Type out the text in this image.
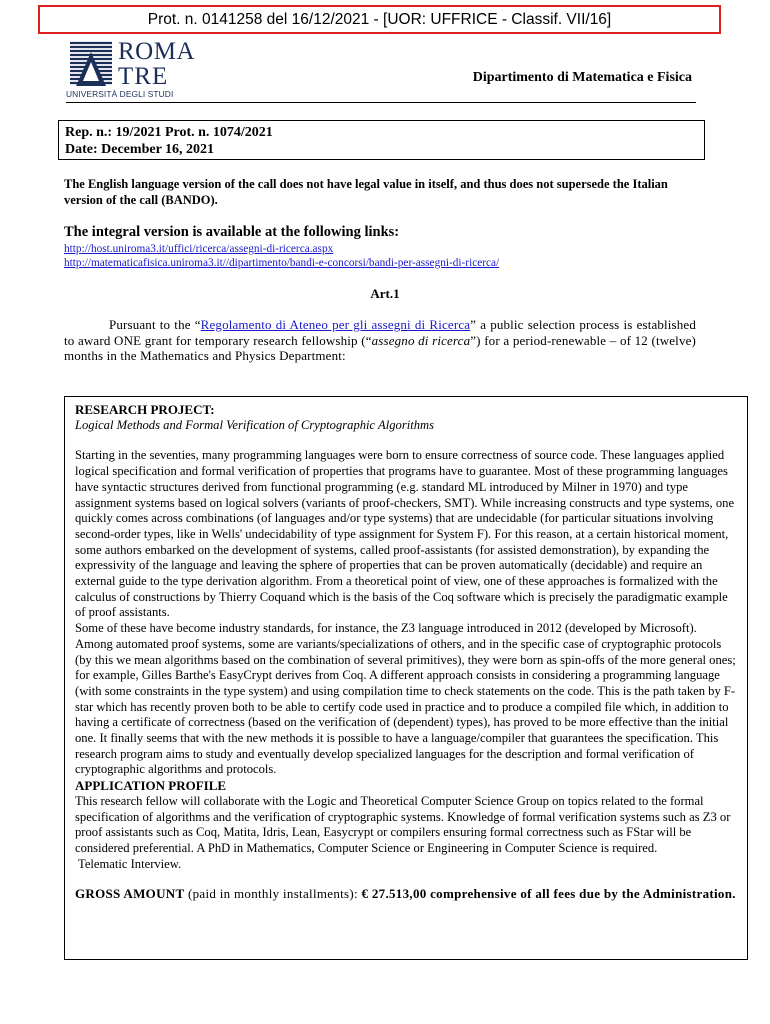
Prot. n. 0141258 del 16/12/2021 - [UOR: UFFRICE - Classif. VII/16]
ROMA
TRE
UNIVERSITÀ DEGLI STUDI
Dipartimento di Matematica e Fisica
Rep. n.: 19/2021 Prot. n. 1074/2021
Date: December 16, 2021
The English language version of the call does not have legal value in itself, and thus does not supersede the Italian version of the call (BANDO).
The integral version is available at the following links:
http://host.uniroma3.it/uffici/ricerca/assegni-di-ricerca.aspx
http://matematicafisica.uniroma3.it//dipartimento/bandi-e-concorsi/bandi-per-assegni-di-ricerca/
Art.1
Pursuant to the “Regolamento di Ateneo per gli assegni di Ricerca” a public selection process is established to award ONE grant for temporary research fellowship (“assegno di ricerca”) for a period-renewable – of 12 (twelve) months in the Mathematics and Physics Department:
RESEARCH PROJECT:
Logical Methods and Formal Verification of Cryptographic Algorithms

Starting in the seventies, many programming languages were born to ensure correctness of source code. These languages applied logical specification and formal verification of properties that programs have to guarantee. Most of these programming languages have syntactic structures derived from functional programming (e.g. standard ML introduced by Milner in 1970) and type assignment systems based on logical solvers (variants of proof-checkers, SMT). While increasing constructs and type systems, one quickly comes across combinations (of languages and/or type systems) that are undecidable (for particular situations involving second-order types, like in Wells' undecidability of type assignment for System F). For this reason, at a certain historical moment, some authors embarked on the development of systems, called proof-assistants (for assisted demonstration), by expanding the expressivity of the language and leaving the sphere of properties that can be proven automatically (decidable) and require an external guide to the type derivation algorithm. From a theoretical point of view, one of these approaches is formalized with the calculus of constructions by Thierry Coquand which is the basis of the Coq software which is precisely the paradigmatic example of proof assistants.

Some of these have become industry standards, for instance, the Z3 language introduced in 2012 (developed by Microsoft). Among automated proof systems, some are variants/specializations of others, and in the specific case of cryptographic protocols (by this we mean algorithms based on the combination of several primitives), they were born as spin-offs of the more general ones; for example, Gilles Barthe's EasyCrypt derives from Coq. A different approach consists in considering a programming language (with some constraints in the type system) and using compilation time to check statements on the code. This is the path taken by F-star which has recently proven both to be able to certify code used in practice and to produce a compiled file which, in addition to having a certificate of correctness (based on the verification of (dependent) types), has proved to be more effective than the initial one. It finally seems that with the new methods it is possible to have a language/compiler that guarantees the specification. This research program aims to study and eventually develop specialized languages for the description and formal verification of cryptographic algorithms and protocols.

APPLICATION PROFILE

This research fellow will collaborate with the Logic and Theoretical Computer Science Group on topics related to the formal specification of algorithms and the verification of cryptographic systems. Knowledge of formal verification systems such as Z3 or proof assistants such as Coq, Matita, Idris, Lean, Easycrypt or compilers ensuring formal correctness such as FStar will be considered preferential. A PhD in Mathematics, Computer Science or Engineering in Computer Science is required.

Telematic Interview.

GROSS AMOUNT (paid in monthly installments): € 27.513,00 comprehensive of all fees due by the Administration.
